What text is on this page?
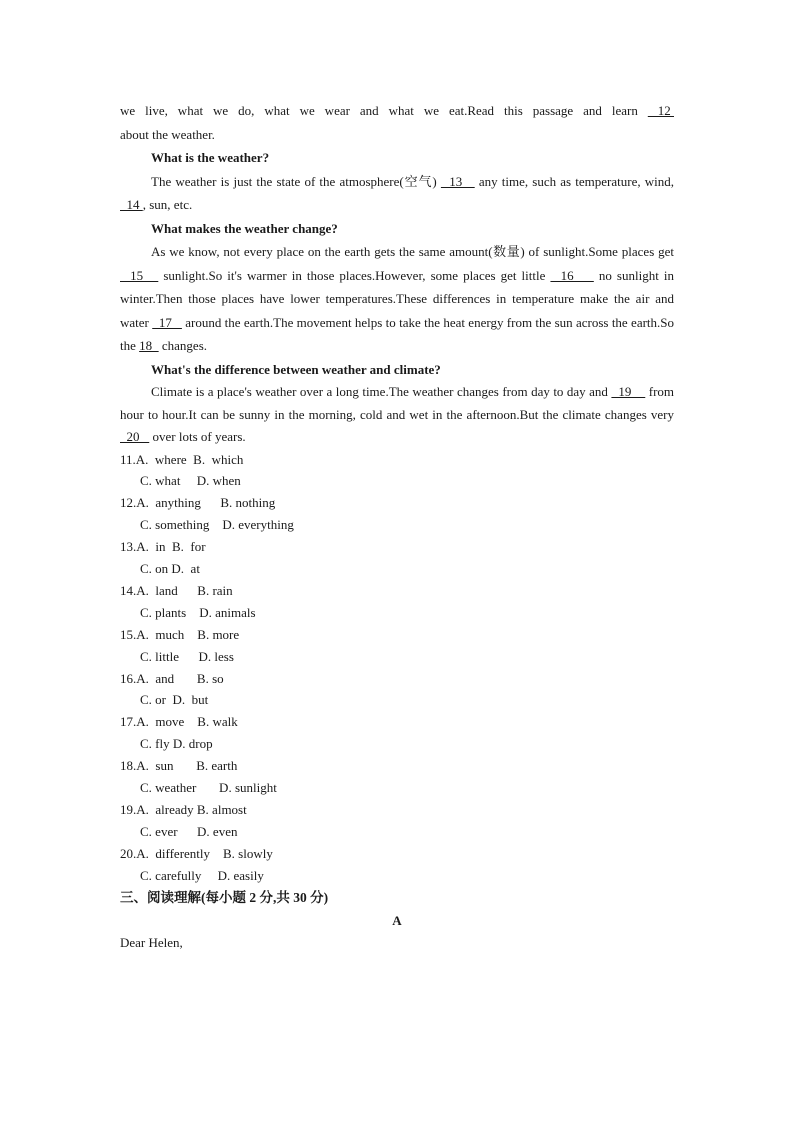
we live, what we do, what we wear and what we eat.Read this passage and learn  12

about the weather.

What is the weather?

The weather is just the state of the atmosphere(空气)   13    any time, such as temperature, wind,   14 , sun, etc.

What makes the weather change?

As we know, not every place on the earth gets the same amount(数量) of sunlight.Some places get   15    sunlight.So it's warmer in those places.However, some places get little   16     no sunlight in winter.Then those places have lower temperatures.These differences in temperature make the air and water   17    around the earth.The movement helps to take the heat energy from the sun across the earth.So the 18   changes.

What's the difference between weather and climate?

Climate is a place's weather over a long time.The weather changes from day to day and   19     from hour to hour.It can be sunny in the morning, cold and wet in the afternoon.But the climate changes very   20    over lots of years.

11.A.  where  B.  which

C. what     D. when

12.A.  anything      B. nothing

C. something    D. everything

13.A.  in  B.  for

C. on D.  at

14.A.  land      B. rain

C. plants    D. animals

15.A.  much    B. more

C. little      D. less

16.A.  and       B. so

C. or  D.  but

17.A.  move    B. walk

C. fly D. drop

18.A.  sun       B. earth

C. weather       D. sunlight

19.A.  already B. almost

C. ever      D. even

20.A.  differently    B. slowly

C. carefully     D. easily

三、阅读理解(每小题 2 分,共 30 分)

A

Dear Helen,
